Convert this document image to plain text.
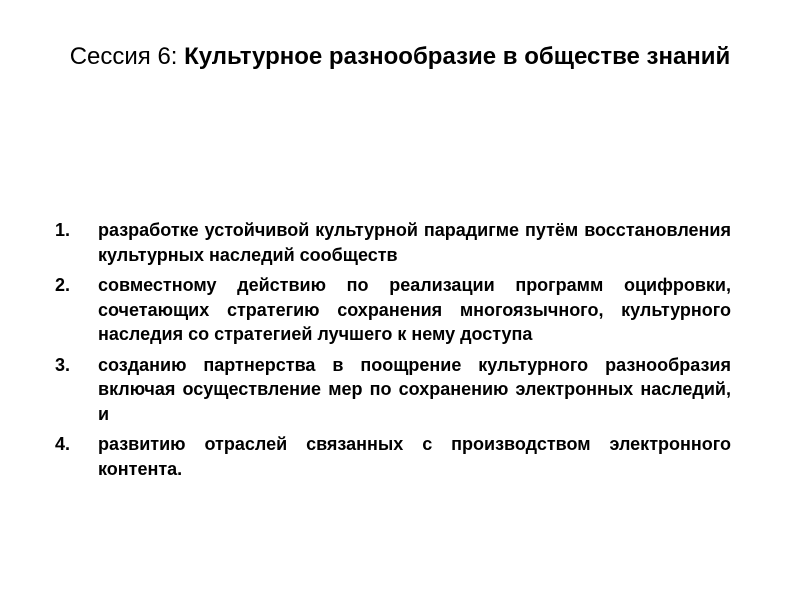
Сессия 6: Культурное разнообразие в обществе знаний
1. разработке устойчивой культурной парадигме путём восстановления культурных наследий сообществ
2. совместному действию по реализации программ оцифровки, сочетающих стратегию сохранения многоязычного, культурного наследия со стратегией лучшего к нему доступа
3. созданию партнерства в поощрение культурного разнообразия включая осуществление мер по сохранению электронных наследий, и
4. развитию отраслей связанных с производством электронного контента.
